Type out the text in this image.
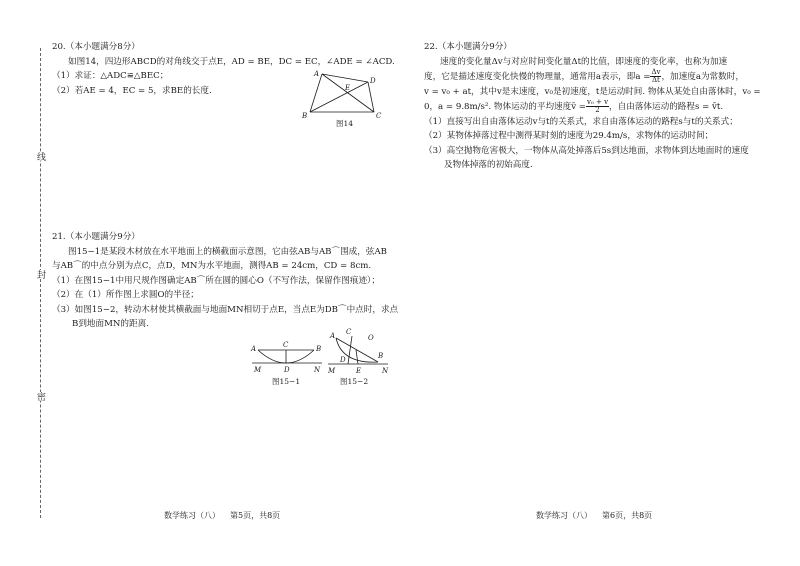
线
封
密

20.（本小题满分8分）

如图14，四边形ABCD的对角线交于点E，AD = BE，DC = EC，∠ADE = ∠ACD.

（1）求证：△ADC≌△BEC；

（2）若AE = 4，EC = 5，求BE的长度.

A
D
E
B	C
图14

21.（本小题满分9分）

图15−1是某段木材放在水平地面上的横截面示意图，它由弦AB与AB⌒围成，弦AB

与AB⌒的中点分别为点C，点D，MN为水平地面，测得AB = 24cm，CD = 8cm.

（1）在图15−1中用尺规作图确定AB⌒所在圆的圆心O（不写作法，保留作图痕迹）；

（2）在（1）所作图上求圆O的半径；

（3）如图15−2，转动木材使其横截面与地面MN相切于点E，当点E为DB⌒中点时，求点

B到地面MN的距离.

A	C	B
M	D	N
图15−1
C
O
B
A
D
M	E	N
图15−2
数学练习（八） 第5页，共8页

22.（本小题满分9分）

速度的变化量Δv与对应时间变化量Δt的比值，即速度的变化率，也称为加速

度，它是描述速度变化快慢的物理量，通常用a表示，即$a = \frac{\Delta v}{\Delta t}$ ，加速度a为常数时，

v = v₀ + at，其中v是末速度，v₀是初速度，t是运动时间. 物体从某处自由落体时，v₀ =

0，a = 9.8m/s². 物体运动的平均速度v̄ = $\frac{\text{v₀ + v}}{2}$ ，自由落体运动的路程s = v̄t.

（1）直接写出自由落体运动v与t的关系式，求自由落体运动的路程s与t的关系式；

（2）某物体掉落过程中测得某时刻的速度为29.4m/s，求物体的运动时间；

（3）高空抛物危害极大，一物体从高处掉落后5s到达地面，求物体到达地面时的速度

及物体掉落的初始高度.

数学练习（八） 第6页，共8页
